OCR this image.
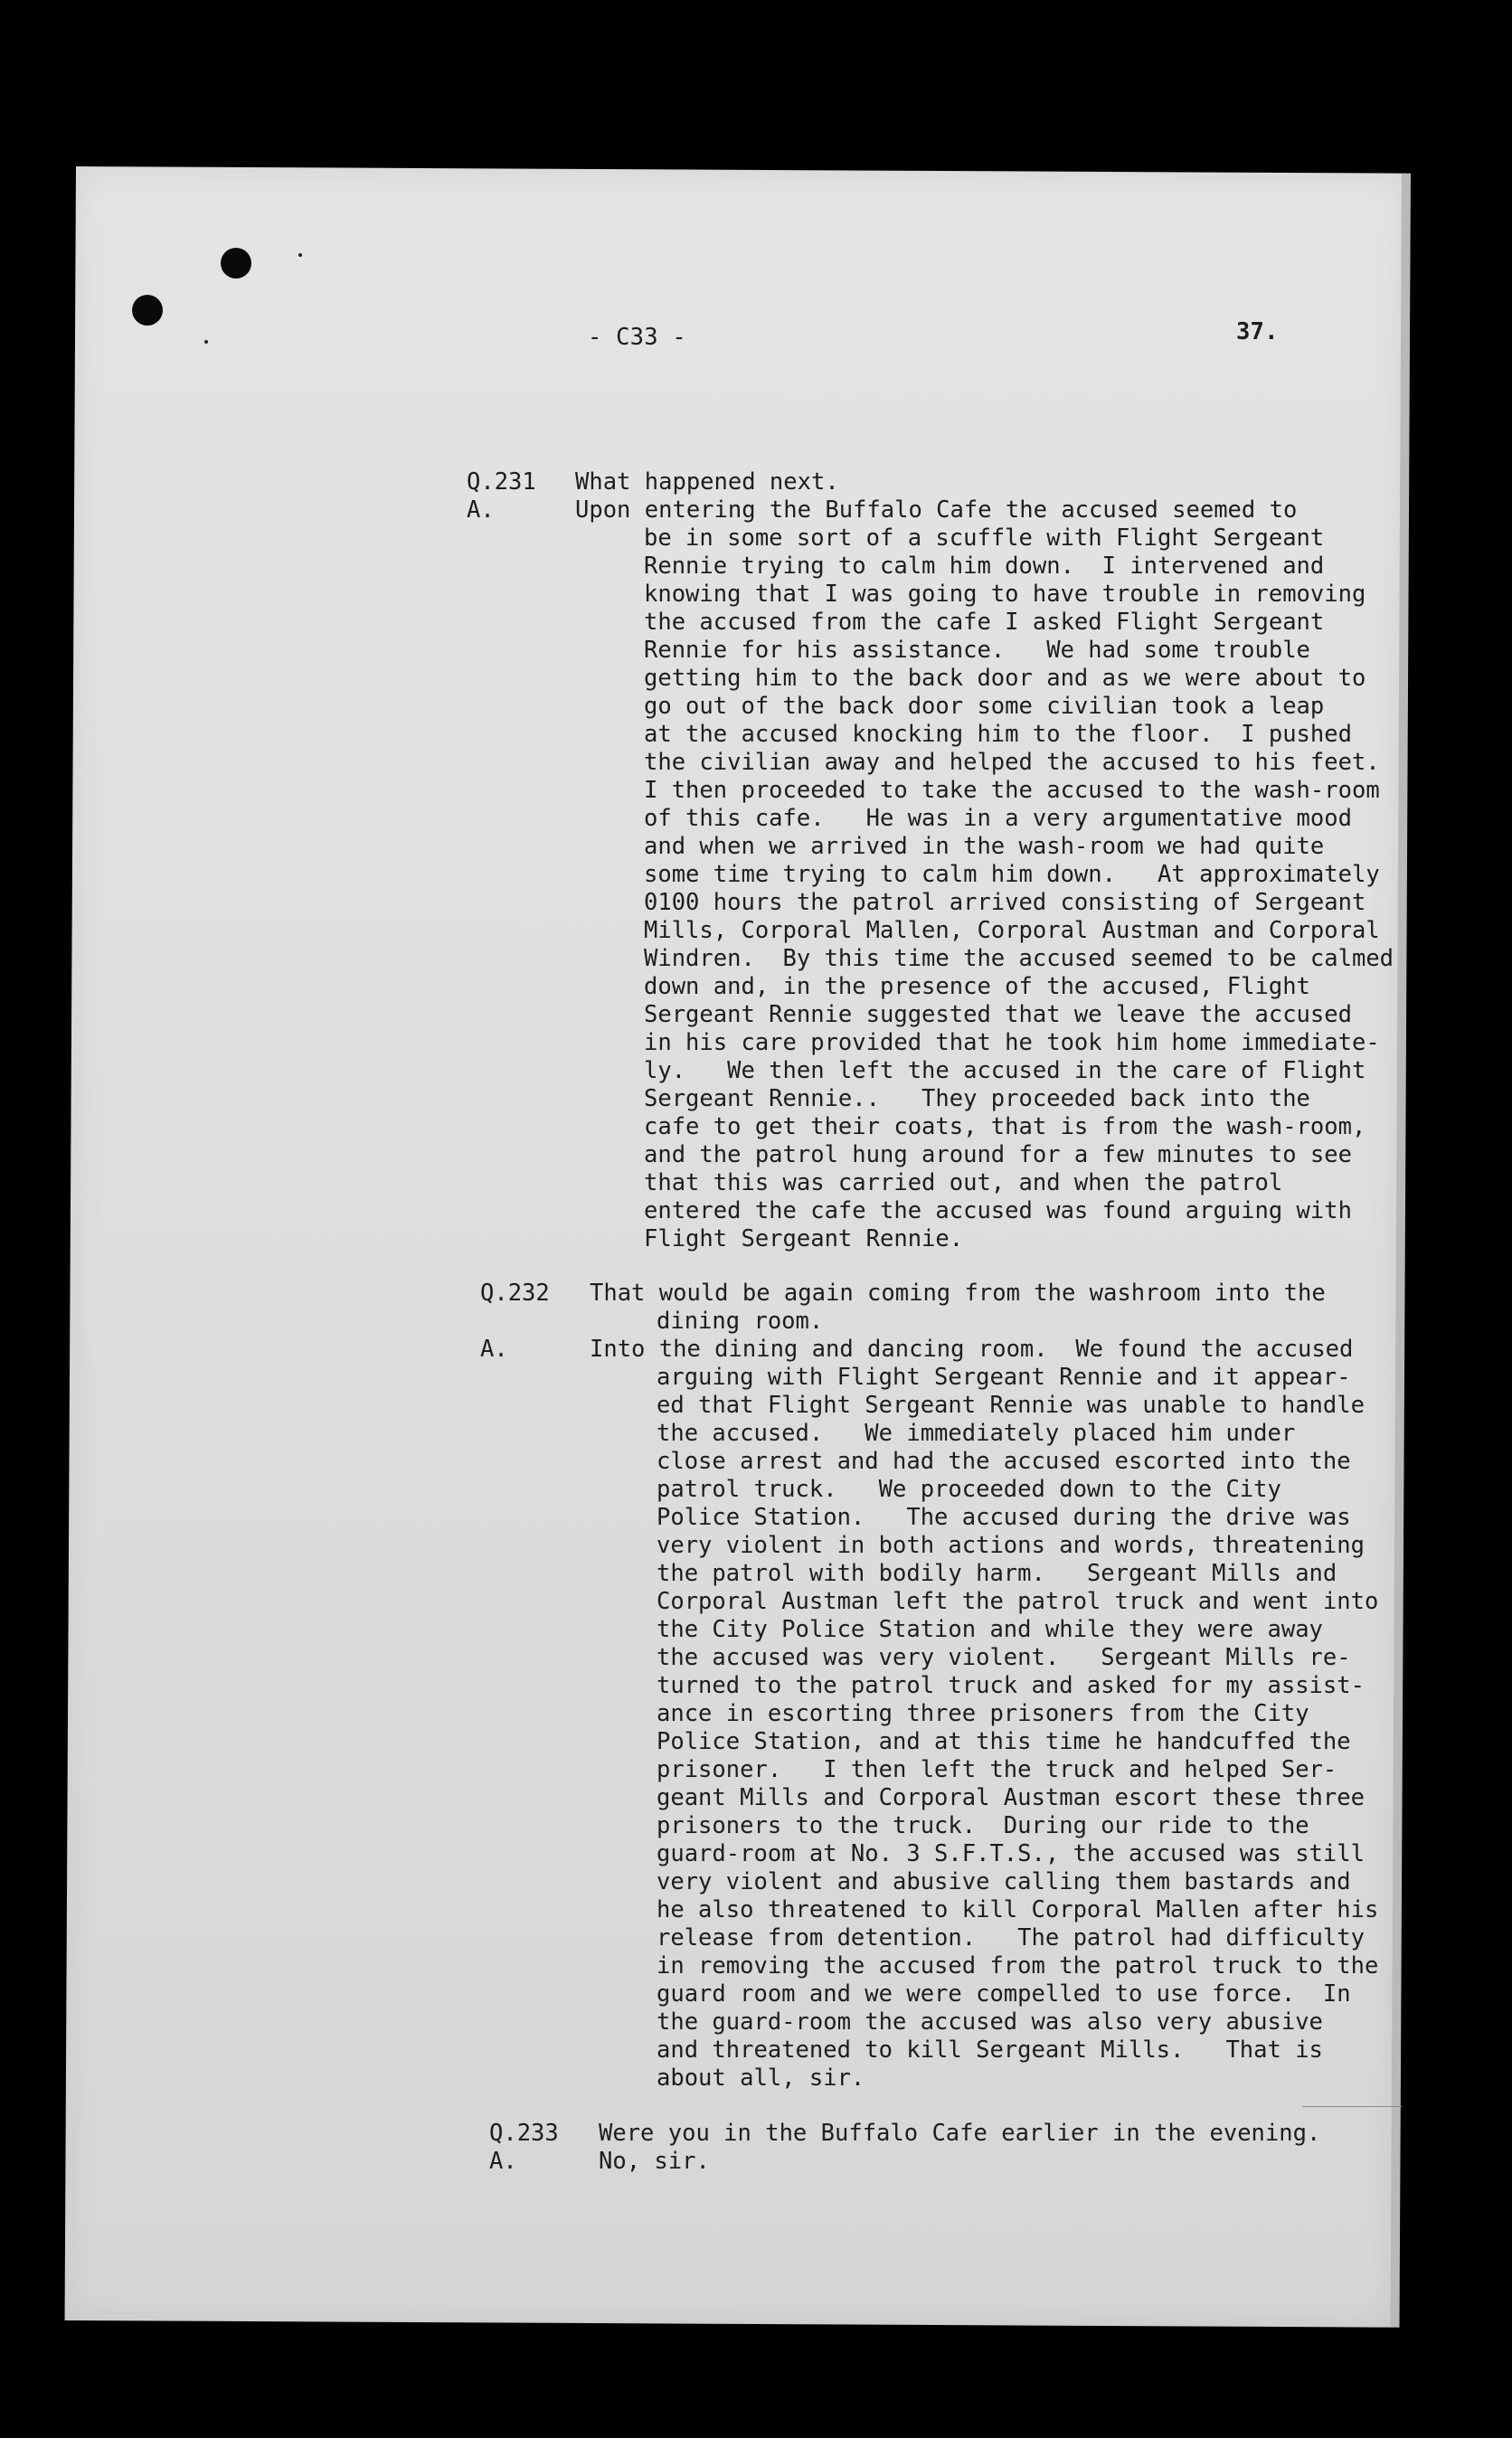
- C33 -	37.
Q.231 What happened next.
A.	Upon entering the Buffalo Cafe the accused seemed to
be in some sort of a scuffle with Flight Sergeant
Rennie trying to calm him down.  I intervened and
knowing that I was going to have trouble in removing
the accused from the cafe I asked Flight Sergeant
Rennie for his assistance.   We had some trouble
getting him to the back door and as we were about to
go out of the back door some civilian took a leap
at the accused knocking him to the floor.  I pushed
the civilian away and helped the accused to his feet.
I then proceeded to take the accused to the wash-room
of this cafe.   He was in a very argumentative mood
and when we arrived in the wash-room we had quite
some time trying to calm him down.   At approximately
0100 hours the patrol arrived consisting of Sergeant
Mills, Corporal Mallen, Corporal Austman and Corporal
Windren.  By this time the accused seemed to be calmed
down and, in the presence of the accused, Flight
Sergeant Rennie suggested that we leave the accused
in his care provided that he took him home immediate-
ly.   We then left the accused in the care of Flight
Sergeant Rennie..   They proceeded back into the
cafe to get their coats, that is from the wash-room,
and the patrol hung around for a few minutes to see
that this was carried out, and when the patrol
entered the cafe the accused was found arguing with
Flight Sergeant Rennie.
Q.232 That would be again coming from the washroom into the
dining room.
A.	Into the dining and dancing room.  We found the accused
arguing with Flight Sergeant Rennie and it appear-
ed that Flight Sergeant Rennie was unable to handle
the accused.   We immediately placed him under
close arrest and had the accused escorted into the
patrol truck.   We proceeded down to the City
Police Station.   The accused during the drive was
very violent in both actions and words, threatening
the patrol with bodily harm.   Sergeant Mills and
Corporal Austman left the patrol truck and went into
the City Police Station and while they were away
the accused was very violent.   Sergeant Mills re-
turned to the patrol truck and asked for my assist-
ance in escorting three prisoners from the City
Police Station, and at this time he handcuffed the
prisoner.   I then left the truck and helped Ser-
geant Mills and Corporal Austman escort these three
prisoners to the truck.  During our ride to the
guard-room at No. 3 S.F.T.S., the accused was still
very violent and abusive calling them bastards and
he also threatened to kill Corporal Mallen after his
release from detention.   The patrol had difficulty
in removing the accused from the patrol truck to the
guard room and we were compelled to use force.  In
the guard-room the accused was also very abusive
and threatened to kill Sergeant Mills.   That is
about all, sir.
Q.233 Were you in the Buffalo Cafe earlier in the evening.
A.	No, sir.
